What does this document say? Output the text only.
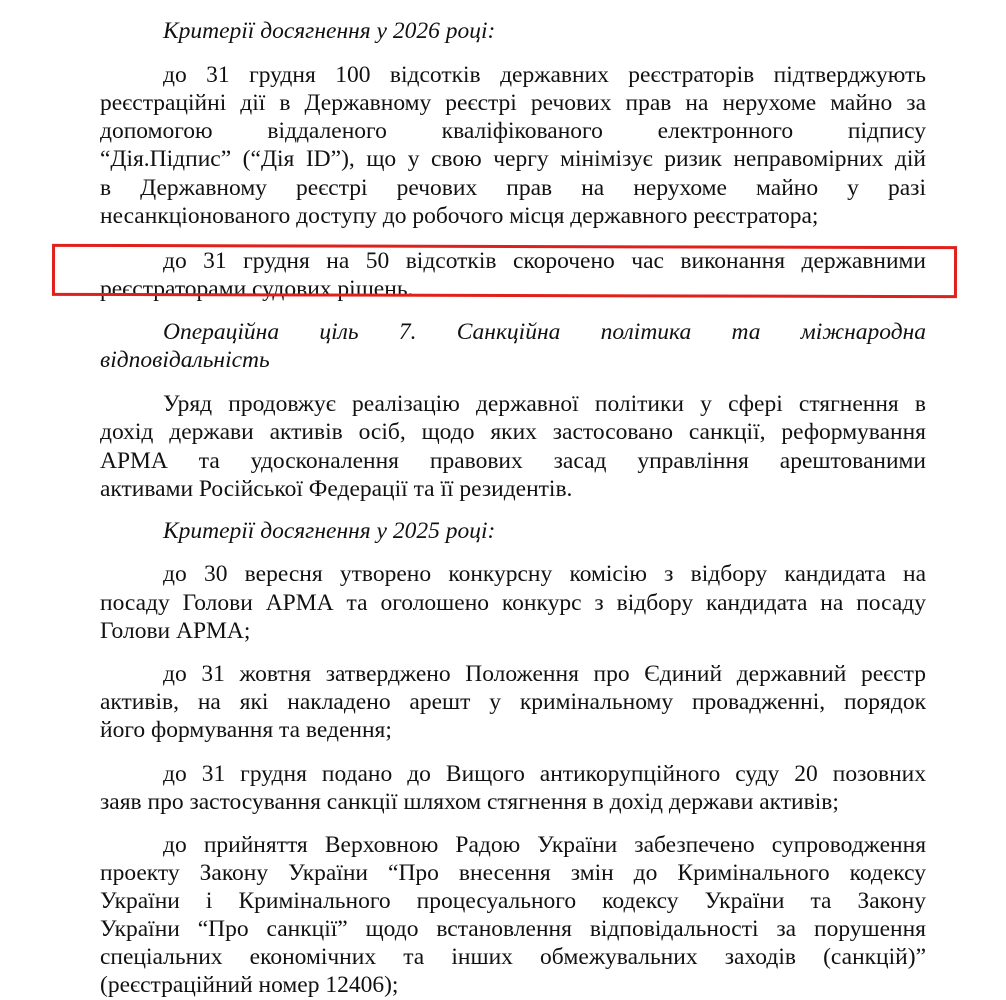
Критерії досягнення у 2026 році:
до 31 грудня 100 відсотків державних реєстраторів підтверджують
реєстраційні дії в Державному реєстрі речових прав на нерухоме майно за
допомогою віддаленого кваліфікованого електронного підпису
“Дія.Підпис” (“Дія ID”), що у свою чергу мінімізує ризик неправомірних дій
в Державному реєстрі речових прав на нерухоме майно у разі
несанкціонованого доступу до робочого місця державного реєстратора;
до 31 грудня на 50 відсотків скорочено час виконання державними
реєстраторами судових рішень.
Операційна ціль 7. Санкційна політика та міжнародна
відповідальність
Уряд продовжує реалізацію державної політики у сфері стягнення в
дохід держави активів осіб, щодо яких застосовано санкції, реформування
АРМА та удосконалення правових засад управління арештованими
активами Російської Федерації та її резидентів.
Критерії досягнення у 2025 році:
до 30 вересня утворено конкурсну комісію з відбору кандидата на
посаду Голови АРМА та оголошено конкурс з відбору кандидата на посаду
Голови АРМА;
до 31 жовтня затверджено Положення про Єдиний державний реєстр
активів, на які накладено арешт у кримінальному провадженні, порядок
його формування та ведення;
до 31 грудня подано до Вищого антикорупційного суду 20 позовних
заяв про застосування санкції шляхом стягнення в дохід держави активів;
до прийняття Верховною Радою України забезпечено супроводження
проекту Закону України “Про внесення змін до Кримінального кодексу
України і Кримінального процесуального кодексу України та Закону
України “Про санкції” щодо встановлення відповідальності за порушення
спеціальних економічних та інших обмежувальних заходів (санкцій)”
(реєстраційний номер 12406);
